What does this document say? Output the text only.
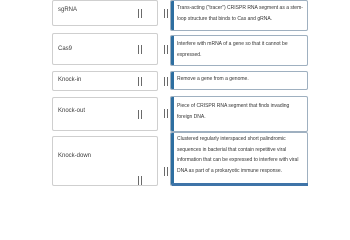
sgRNA
Cas9
Knock-in
Knock-out
Knock-down
Trans-acting ("tracer") CRISPR RNA segment as a stem-loop structure that binds to Cas and gRNA.
Interfere with mRNA of a gene so that it cannot be expressed.
Remove a gene from a genome.
Piece of CRISPR RNA segment that finds invading foreign DNA.
Clustered regularly interspaced short palindromic sequences in bacterial that contain repetitive viral information that can be expressed to interfere with viral DNA as part of a prokaryotic immune response.
